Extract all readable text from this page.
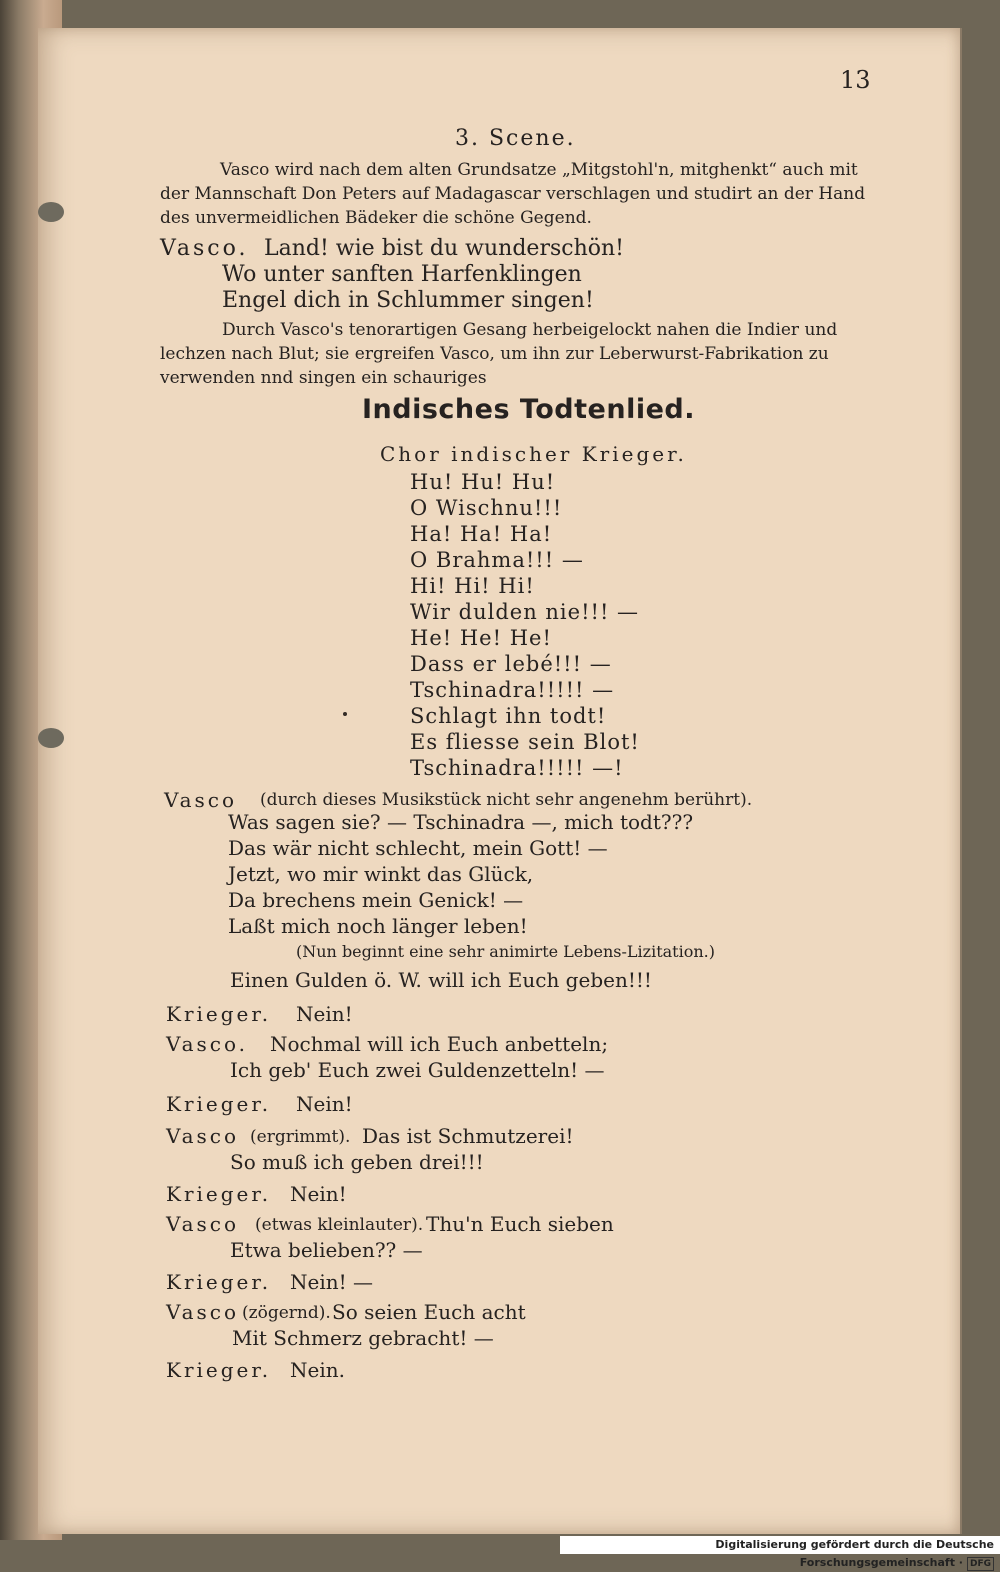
13
3. Scene.
Vasco wird nach dem alten Grundsatze „Mitgstohl'n, mitghenkt“ auch mit
der Mannschaft Don Peters auf Madagascar verschlagen und studirt an der Hand
des unvermeidlichen Bädeker die schöne Gegend.
Vasco. Land! wie bist du wunderschön!
Wo unter sanften Harfenklingen
Engel dich in Schlummer singen!
Durch Vasco's tenorartigen Gesang herbeigelockt nahen die Indier und
lechzen nach Blut; sie ergreifen Vasco, um ihn zur Leberwurst-Fabrikation zu
verwenden nnd singen ein schauriges
Indisches Todtenlied.
Chor indischer Krieger.
Hu! Hu! Hu!
O Wischnu!!!
Ha! Ha! Ha!
O Brahma!!! —
Hi! Hi! Hi!
Wir dulden nie!!! —
He! He! He!
Dass er lebé!!! —
Tschinadra!!!!! —
Schlagt ihn todt!
Es fliesse sein Blot!
Tschinadra!!!!! —!
Vasco (durch dieses Musikstück nicht sehr angenehm berührt).
Was sagen sie? — Tschinadra —, mich todt???
Das wär nicht schlecht, mein Gott! —
Jetzt, wo mir winkt das Glück,
Da brechens mein Genick! —
Laßt mich noch länger leben!
(Nun beginnt eine sehr animirte Lebens-Lizitation.)
Einen Gulden ö. W. will ich Euch geben!!!
Krieger. Nein!
Vasco. Nochmal will ich Euch anbetteln;
Ich geb' Euch zwei Guldenzetteln! —
Krieger. Nein!
Vasco (ergrimmt). Das ist Schmutzerei!
So muß ich geben drei!!!
Krieger. Nein!
Vasco (etwas kleinlauter). Thu'n Euch sieben
Etwa belieben?? —
Krieger. Nein! —
Vasco (zögernd). So seien Euch acht
Mit Schmerz gebracht! —
Krieger. Nein.
Digitalisierung gefördert durch die Deutsche Forschungsgemeinschaft · DFG
